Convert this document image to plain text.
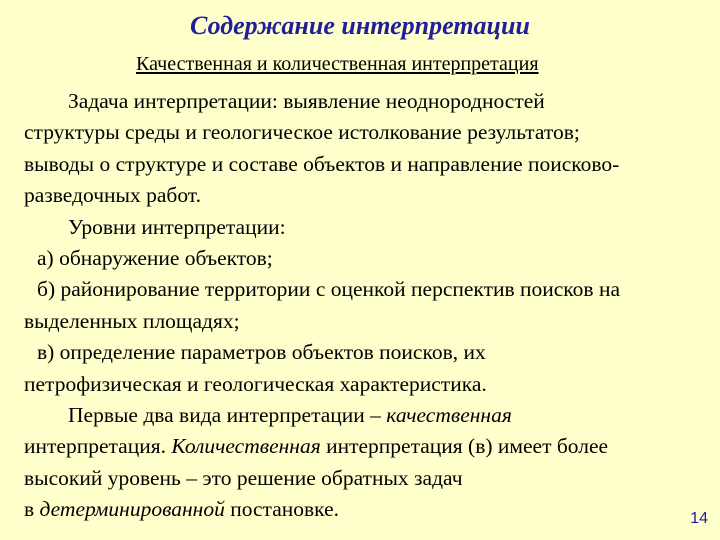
Содержание интерпретации
Качественная и количественная интерпретация
Задача интерпретации: выявление неоднородностей
структуры среды и геологическое истолкование результатов;
выводы о структуре и составе объектов и направление поисково-
разведочных работ.
Уровни интерпретации:
а) обнаружение объектов;
б) районирование территории с оценкой перспектив поисков на
выделенных площадях;
в) определение параметров объектов поисков, их
петрофизическая и геологическая характеристика.
Первые два вида интерпретации – качественная
интерпретация. Количественная интерпретация (в) имеет более
высокий уровень – это решение обратных задач
в детерминированной постановке.	14
